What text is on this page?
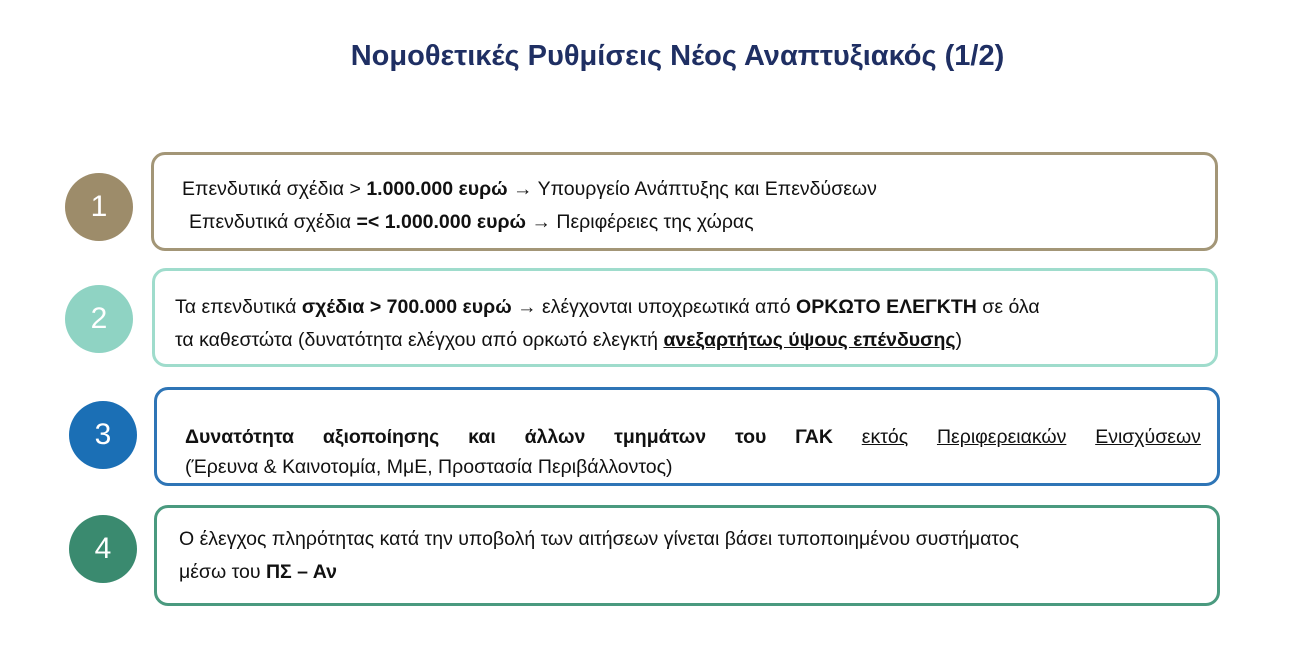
Νομοθετικές Ρυθμίσεις Νέος Αναπτυξιακός (1/2)
1
Επενδυτικά σχέδια > 1.000.000 ευρώ → Υπουργείο Ανάπτυξης και Επενδύσεων
Επενδυτικά σχέδια =< 1.000.000 ευρώ → Περιφέρειες της χώρας
2	Τα επενδυτικά σχέδια > 700.000 ευρώ → ελέγχονται υποχρεωτικά από ΟΡΚΩΤΟ ΕΛΕΓΚΤΗ σε όλα
τα καθεστώτα (δυνατότητα ελέγχου από ορκωτό ελεγκτή ανεξαρτήτως ύψους επένδυσης)
3	Δυνατότητα αξιοποίησης και άλλων τμημάτων του ΓΑΚ εκτός Περιφερειακών Ενισχύσεων
(Έρευνα & Καινοτομία, ΜμΕ, Προστασία Περιβάλλοντος)
4	Ο έλεγχος πληρότητας κατά την υποβολή των αιτήσεων γίνεται βάσει τυποποιημένου συστήματος
μέσω του ΠΣ – Αν
